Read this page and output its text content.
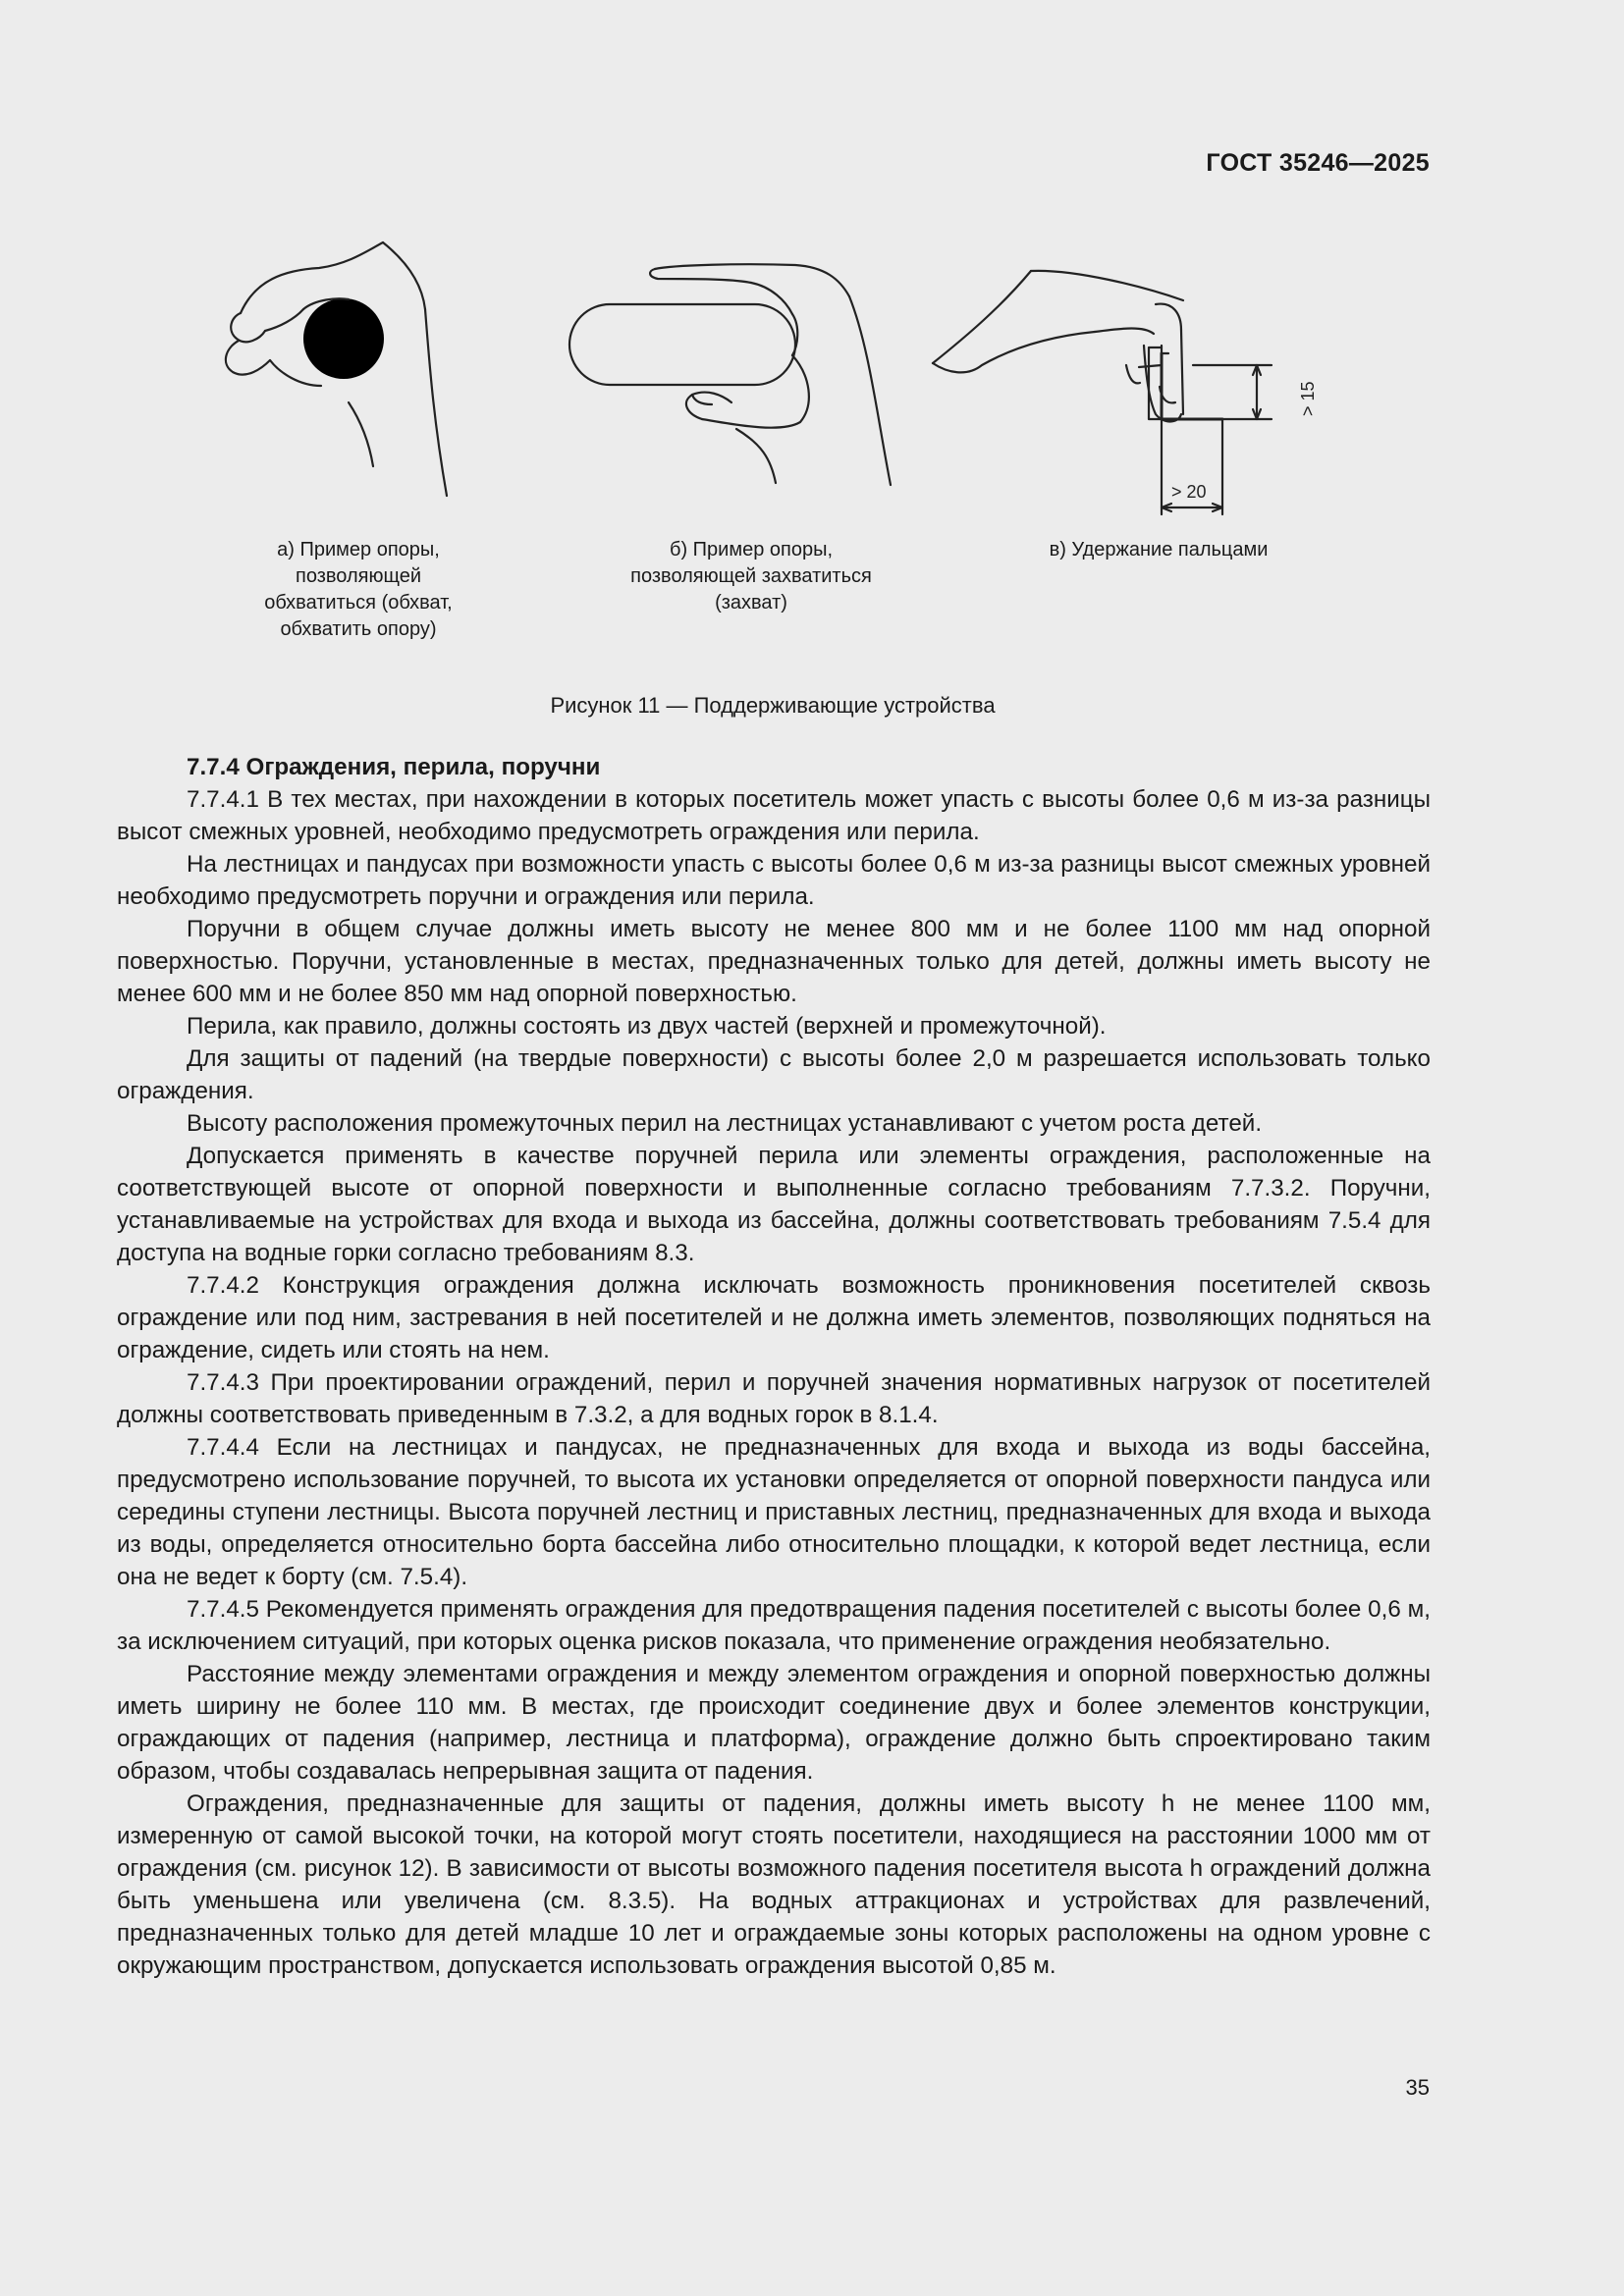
ГОСТ 35246—2025
> 15
> 20
а) Пример опоры,
позволяющей
обхватиться (обхват,
обхватить опору)
б) Пример опоры,
позволяющей захватиться
(захват)
в) Удержание пальцами
Рисунок 11 — Поддерживающие устройства

7.7.4 Ограждения, перила, поручни

7.7.4.1 В тех местах, при нахождении в которых посетитель может упасть с высоты более 0,6 м из-за разницы высот смежных уровней, необходимо предусмотреть ограждения или перила.

На лестницах и пандусах при возможности упасть с высоты более 0,6 м из-за разницы высот смежных уровней необходимо предусмотреть поручни и ограждения или перила.

Поручни в общем случае должны иметь высоту не менее 800 мм и не более 1100 мм над опорной поверхностью. Поручни, установленные в местах, предназначенных только для детей, должны иметь высоту не менее 600 мм и не более 850 мм над опорной поверхностью.

Перила, как правило, должны состоять из двух частей (верхней и промежуточной).

Для защиты от падений (на твердые поверхности) с высоты более 2,0 м разрешается использовать только ограждения.

Высоту расположения промежуточных перил на лестницах устанавливают с учетом роста детей.

Допускается применять в качестве поручней перила или элементы ограждения, расположенные на соответствующей высоте от опорной поверхности и выполненные согласно требованиям 7.7.3.2. Поручни, устанавливаемые на устройствах для входа и выхода из бассейна, должны соответствовать требованиям 7.5.4 для доступа на водные горки согласно требованиям 8.3.

7.7.4.2 Конструкция ограждения должна исключать возможность проникновения посетителей сквозь ограждение или под ним, застревания в ней посетителей и не должна иметь элементов, позволяющих подняться на ограждение, сидеть или стоять на нем.

7.7.4.3 При проектировании ограждений, перил и поручней значения нормативных нагрузок от посетителей должны соответствовать приведенным в 7.3.2, а для водных горок в 8.1.4.

7.7.4.4 Если на лестницах и пандусах, не предназначенных для входа и выхода из воды бассейна, предусмотрено использование поручней, то высота их установки определяется от опорной поверхности пандуса или середины ступени лестницы. Высота поручней лестниц и приставных лестниц, предназначенных для входа и выхода из воды, определяется относительно борта бассейна либо относительно площадки, к которой ведет лестница, если она не ведет к борту (см. 7.5.4).

7.7.4.5 Рекомендуется применять ограждения для предотвращения падения посетителей с высоты более 0,6 м, за исключением ситуаций, при которых оценка рисков показала, что применение ограждения необязательно.

Расстояние между элементами ограждения и между элементом ограждения и опорной поверхностью должны иметь ширину не более 110 мм. В местах, где происходит соединение двух и более элементов конструкции, ограждающих от падения (например, лестница и платформа), ограждение должно быть спроектировано таким образом, чтобы создавалась непрерывная защита от падения.

Ограждения, предназначенные для защиты от падения, должны иметь высоту h не менее 1100 мм, измеренную от самой высокой точки, на которой могут стоять посетители, находящиеся на расстоянии 1000 мм от ограждения (см. рисунок 12). В зависимости от высоты возможного падения посетителя высота h ограждений должна быть уменьшена или увеличена (см. 8.3.5). На водных аттракционах и устройствах для развлечений, предназначенных только для детей младше 10 лет и ограждаемые зоны которых расположены на одном уровне с окружающим пространством, допускается использовать ограждения высотой 0,85 м.

35
